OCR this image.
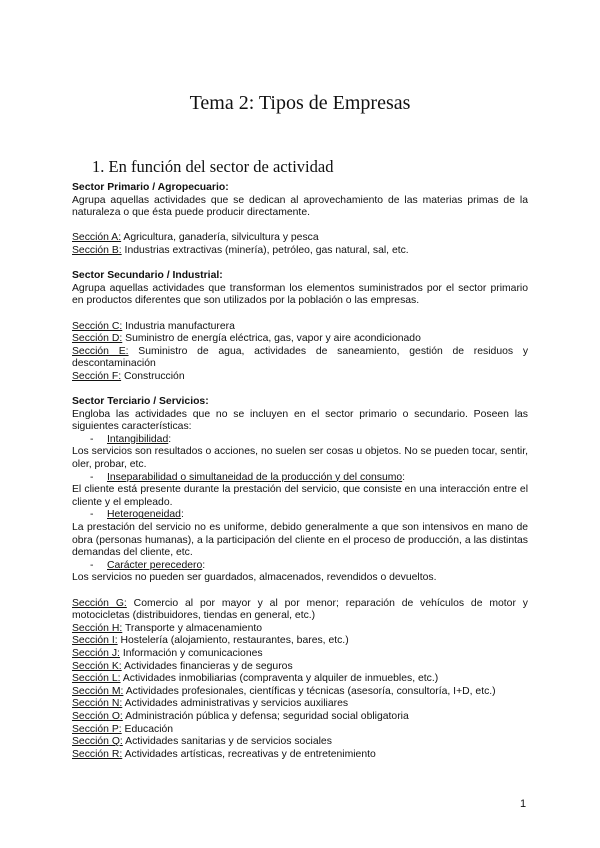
Tema 2: Tipos de Empresas
1. En función del sector de actividad
Sector Primario / Agropecuario:
Agrupa aquellas actividades que se dedican al aprovechamiento de las materias primas de la naturaleza o que ésta puede producir directamente.
Sección A: Agricultura, ganadería, silvicultura y pesca
Sección B: Industrias extractivas (minería), petróleo, gas natural, sal, etc.
Sector Secundario / Industrial:
Agrupa aquellas actividades que transforman los elementos suministrados por el sector primario en productos diferentes que son utilizados por la población o las empresas.
Sección C: Industria manufacturera
Sección D: Suministro de energía eléctrica, gas, vapor y aire acondicionado
Sección E: Suministro de agua, actividades de saneamiento, gestión de residuos y descontaminación
Sección F: Construcción
Sector Terciario / Servicios:
Engloba las actividades que no se incluyen en el sector primario o secundario. Poseen las siguientes características:
- Intangibilidad:
Los servicios son resultados o acciones, no suelen ser cosas u objetos. No se pueden tocar, sentir, oler, probar, etc.
- Inseparabilidad o simultaneidad de la producción y del consumo:
El cliente está presente durante la prestación del servicio, que consiste en una interacción entre el cliente y el empleado.
- Heterogeneidad:
La prestación del servicio no es uniforme, debido generalmente a que son intensivos en mano de obra (personas humanas), a la participación del cliente en el proceso de producción, a las distintas demandas del cliente, etc.
- Carácter perecedero:
Los servicios no pueden ser guardados, almacenados, revendidos o devueltos.
Sección G: Comercio al por mayor y al por menor; reparación de vehículos de motor y motocicletas (distribuidores, tiendas en general, etc.)
Sección H: Transporte y almacenamiento
Sección I: Hostelería (alojamiento, restaurantes, bares, etc.)
Sección J: Información y comunicaciones
Sección K: Actividades financieras y de seguros
Sección L: Actividades inmobiliarias (compraventa y alquiler de inmuebles, etc.)
Sección M: Actividades profesionales, científicas y técnicas (asesoría, consultoría, I+D, etc.)
Sección N: Actividades administrativas y servicios auxiliares
Sección O: Administración pública y defensa; seguridad social obligatoria
Sección P: Educación
Sección Q: Actividades sanitarias y de servicios sociales
Sección R: Actividades artísticas, recreativas y de entretenimiento
1
